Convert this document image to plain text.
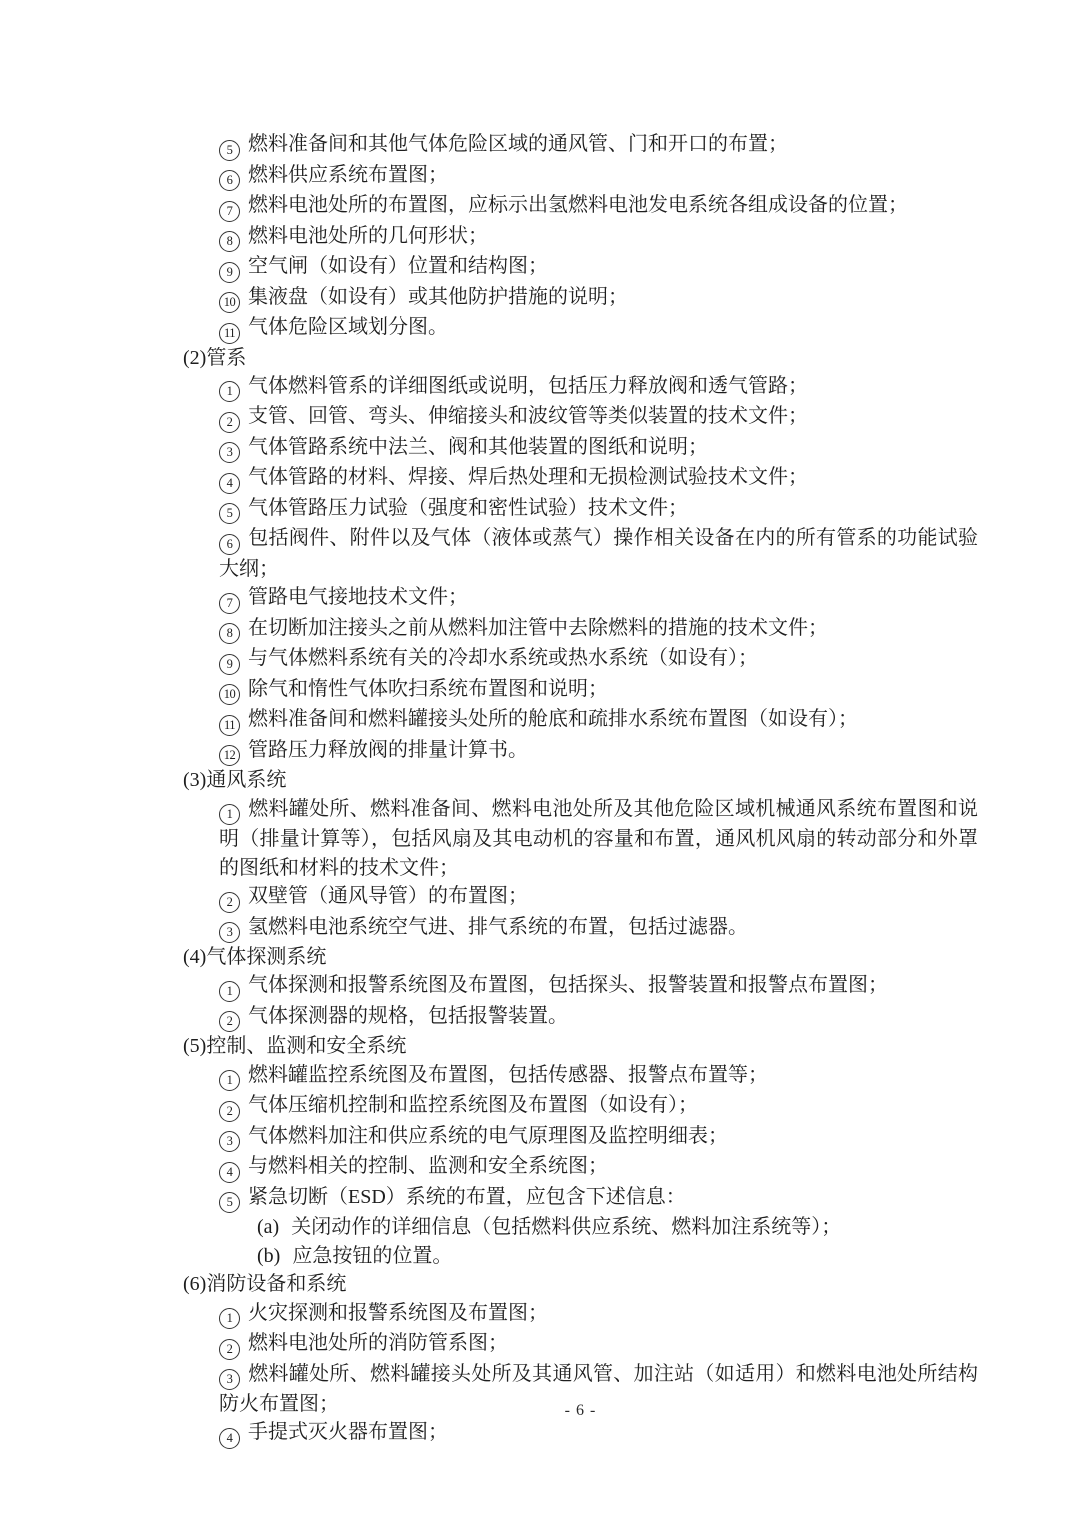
5 燃料准备间和其他气体危险区域的通风管、门和开口的布置；
6 燃料供应系统布置图；
7 燃料电池处所的布置图，应标示出氢燃料电池发电系统各组成设备的位置；
8 燃料电池处所的几何形状；
9 空气闸（如设有）位置和结构图；
10 集液盘（如设有）或其他防护措施的说明；
11 气体危险区域划分图。
(2)管系
1 气体燃料管系的详细图纸或说明，包括压力释放阀和透气管路；
2 支管、回管、弯头、伸缩接头和波纹管等类似装置的技术文件；
3 气体管路系统中法兰、阀和其他装置的图纸和说明；
4 气体管路的材料、焊接、焊后热处理和无损检测试验技术文件；
5 气体管路压力试验（强度和密性试验）技术文件；
6 包括阀件、附件以及气体（液体或蒸气）操作相关设备在内的所有管系的功能试验大纲；
7 管路电气接地技术文件；
8 在切断加注接头之前从燃料加注管中去除燃料的措施的技术文件；
9 与气体燃料系统有关的冷却水系统或热水系统（如设有）；
10 除气和惰性气体吹扫系统布置图和说明；
11 燃料准备间和燃料罐接头处所的舱底和疏排水系统布置图（如设有）；
12 管路压力释放阀的排量计算书。
(3)通风系统
1 燃料罐处所、燃料准备间、燃料电池处所及其他危险区域机械通风系统布置图和说明（排量计算等），包括风扇及其电动机的容量和布置，通风机风扇的转动部分和外罩的图纸和材料的技术文件；
2 双壁管（通风导管）的布置图；
3 氢燃料电池系统空气进、排气系统的布置，包括过滤器。
(4)气体探测系统
1 气体探测和报警系统图及布置图，包括探头、报警装置和报警点布置图；
2 气体探测器的规格，包括报警装置。
(5)控制、监测和安全系统
1 燃料罐监控系统图及布置图，包括传感器、报警点布置等；
2 气体压缩机控制和监控系统图及布置图（如设有）；
3 气体燃料加注和供应系统的电气原理图及监控明细表；
4 与燃料相关的控制、监测和安全系统图；
5 紧急切断（ESD）系统的布置，应包含下述信息：
(a) 关闭动作的详细信息（包括燃料供应系统、燃料加注系统等）；
(b) 应急按钮的位置。
(6)消防设备和系统
1 火灾探测和报警系统图及布置图；
2 燃料电池处所的消防管系图；
3 燃料罐处所、燃料罐接头处所及其通风管、加注站（如适用）和燃料电池处所结构防火布置图；
4 手提式灭火器布置图；
- 6 -
